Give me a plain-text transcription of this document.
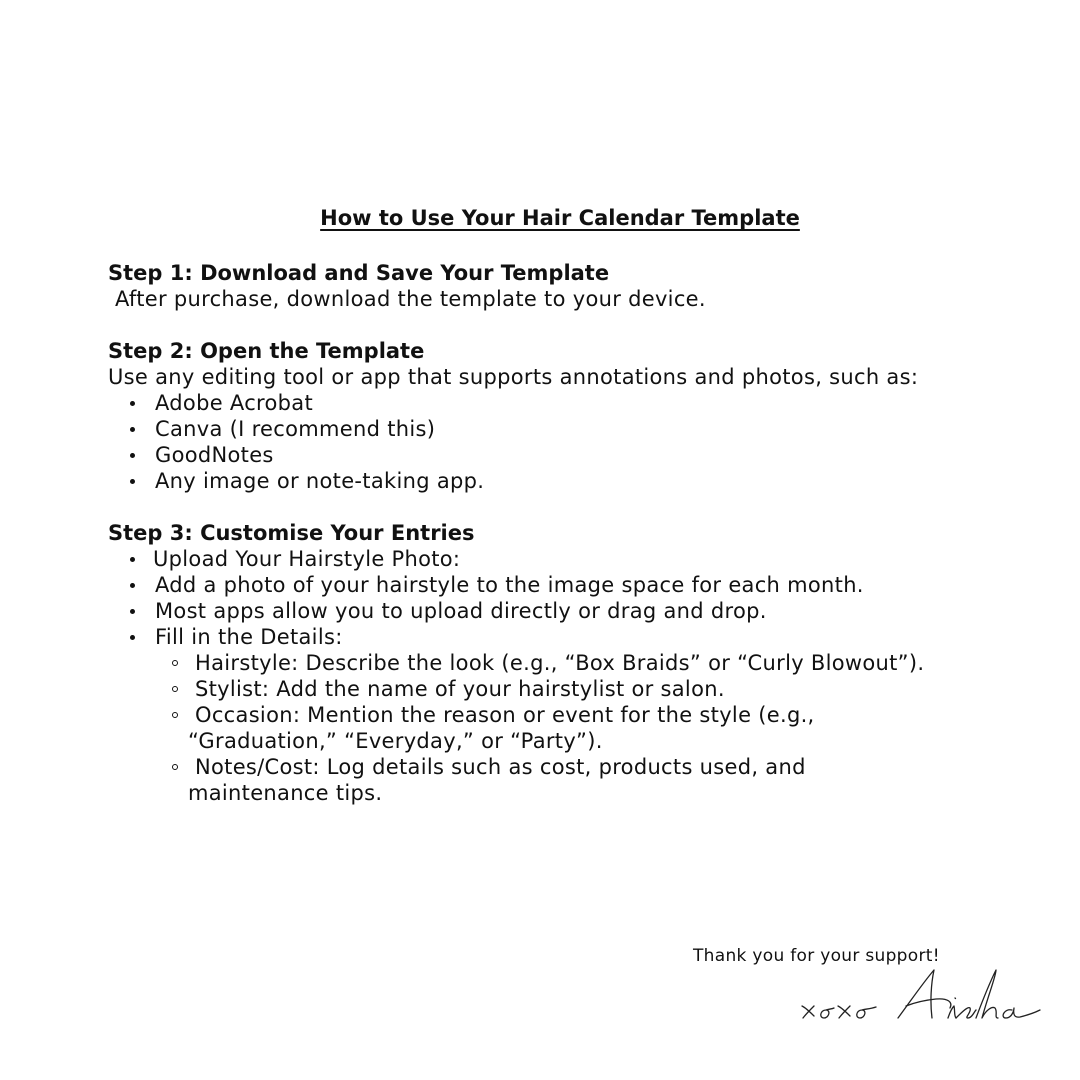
How to Use Your Hair Calendar Template

Step 1: Download and Save Your Template

After purchase, download the template to your device.

Step 2: Open the Template

Use any editing tool or app that supports annotations and photos, such as:

Adobe Acrobat
Canva (I recommend this)
GoodNotes
Any image or note-taking app.

Step 3: Customise Your Entries

Upload Your Hairstyle Photo:
Add a photo of your hairstyle to the image space for each month.
Most apps allow you to upload directly or drag and drop.
Fill in the Details:
Hairstyle: Describe the look (e.g., “Box Braids” or “Curly Blowout”).
Stylist: Add the name of your hairstylist or salon.
Occasion: Mention the reason or event for the style (e.g.,
“Graduation,” “Everyday,” or “Party”).
Notes/Cost: Log details such as cost, products used, and
maintenance tips.

Thank you for your support!
